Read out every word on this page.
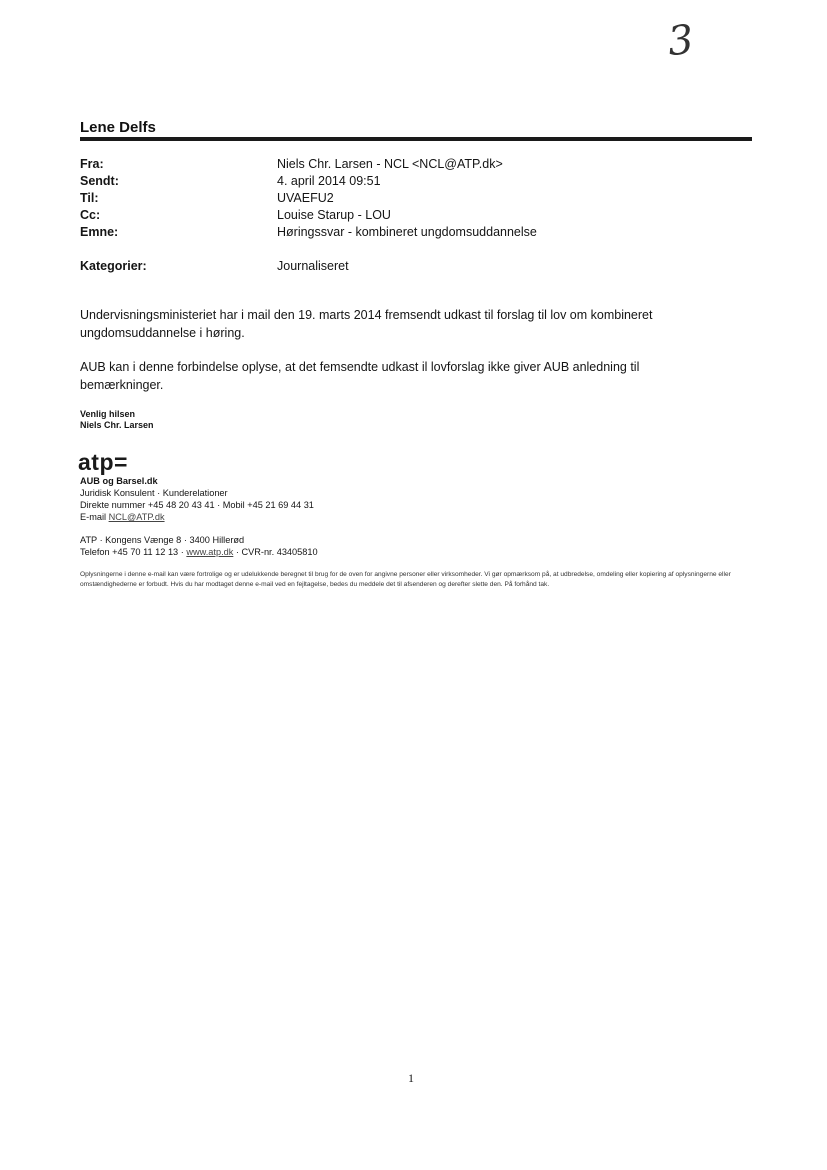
3
Lene Delfs
Fra:	Niels Chr. Larsen - NCL <NCL@ATP.dk>
Sendt:	4. april 2014 09:51
Til:	UVAEFU2
Cc:	Louise Starup - LOU
Emne:	Høringssvar - kombineret ungdomsuddannelse
Kategorier:	Journaliseret
Undervisningsministeriet har i mail den 19. marts 2014 fremsendt udkast til forslag til lov om kombineret ungdomsuddannelse i høring.
AUB kan i denne forbindelse oplyse, at det femsendte udkast il lovforslag ikke giver AUB anledning til bemærkninger.
Venlig hilsen
Niels Chr. Larsen
atp=
AUB og Barsel.dk
Juridisk Konsulent · Kunderelationer
Direkte nummer +45 48 20 43 41 · Mobil +45 21 69 44 31
E-mail NCL@ATP.dk
ATP · Kongens Vænge 8 · 3400 Hillerød
Telefon +45 70 11 12 13 · www.atp.dk · CVR-nr. 43405810
Oplysningerne i denne e-mail kan være fortrolige og er udelukkende beregnet til brug for de oven for angivne personer eller virksomheder. Vi gør opmærksom på, at udbredelse, omdeling eller kopiering af oplysningerne eller omstændighederne er forbudt. Hvis du har modtaget denne e-mail ved en fejltagelse, bedes du meddele det til afsenderen og derefter slette den. På forhånd tak.
1
